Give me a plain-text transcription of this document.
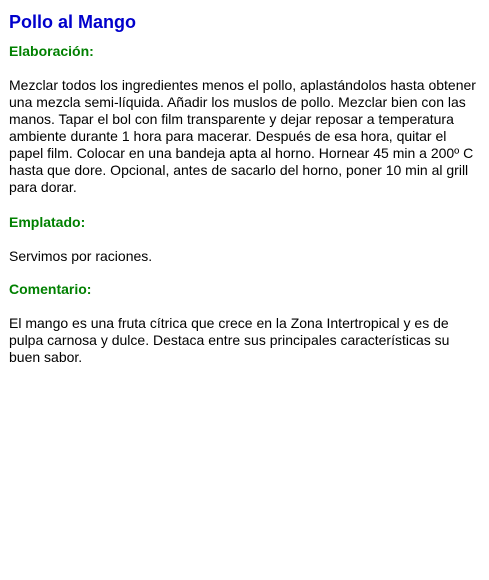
Pollo al Mango
Elaboración:

Mezclar todos los ingredientes menos el pollo, aplastándolos hasta obtener una mezcla semi-líquida. Añadir los muslos de pollo. Mezclar bien con las manos. Tapar el bol con film transparente y dejar reposar a temperatura ambiente durante 1 hora para macerar. Después de esa hora, quitar el papel film. Colocar en una bandeja apta al horno. Hornear 45 min a 200º C hasta que dore. Opcional, antes de sacarlo del horno, poner 10 min al grill para dorar.

Emplatado:

Servimos por raciones.

Comentario:

El mango es una fruta cítrica que crece en la Zona Intertropical y es de pulpa carnosa y dulce. Destaca entre sus principales características su buen sabor.
